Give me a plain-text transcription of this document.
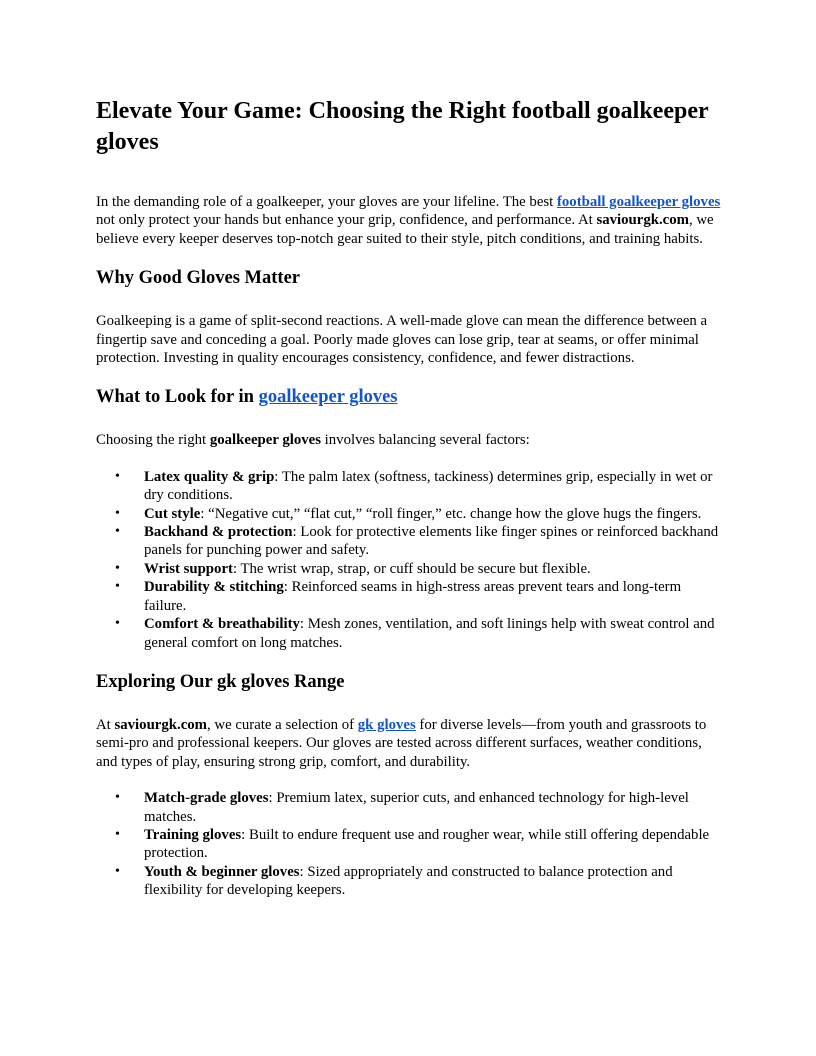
Elevate Your Game: Choosing the Right football goalkeeper gloves

In the demanding role of a goalkeeper, your gloves are your lifeline. The best football goalkeeper gloves not only protect your hands but enhance your grip, confidence, and performance. At saviourgk.com, we believe every keeper deserves top-notch gear suited to their style, pitch conditions, and training habits.

Why Good Gloves Matter

Goalkeeping is a game of split-second reactions. A well-made glove can mean the difference between a fingertip save and conceding a goal. Poorly made gloves can lose grip, tear at seams, or offer minimal protection. Investing in quality encourages consistency, confidence, and fewer distractions.

What to Look for in goalkeeper gloves

Choosing the right goalkeeper gloves involves balancing several factors:

• Latex quality & grip: The palm latex (softness, tackiness) determines grip, especially in wet or dry conditions.
• Cut style: “Negative cut,” “flat cut,” “roll finger,” etc. change how the glove hugs the fingers.
• Backhand & protection: Look for protective elements like finger spines or reinforced backhand panels for punching power and safety.
• Wrist support: The wrist wrap, strap, or cuff should be secure but flexible.
• Durability & stitching: Reinforced seams in high-stress areas prevent tears and long-term failure.
• Comfort & breathability: Mesh zones, ventilation, and soft linings help with sweat control and general comfort on long matches.
Exploring Our gk gloves Range

At saviourgk.com, we curate a selection of gk gloves for diverse levels—from youth and grassroots to semi-pro and professional keepers. Our gloves are tested across different surfaces, weather conditions, and types of play, ensuring strong grip, comfort, and durability.

• Match-grade gloves: Premium latex, superior cuts, and enhanced technology for high-level matches.
• Training gloves: Built to endure frequent use and rougher wear, while still offering dependable protection.
• Youth & beginner gloves: Sized appropriately and constructed to balance protection and flexibility for developing keepers.
